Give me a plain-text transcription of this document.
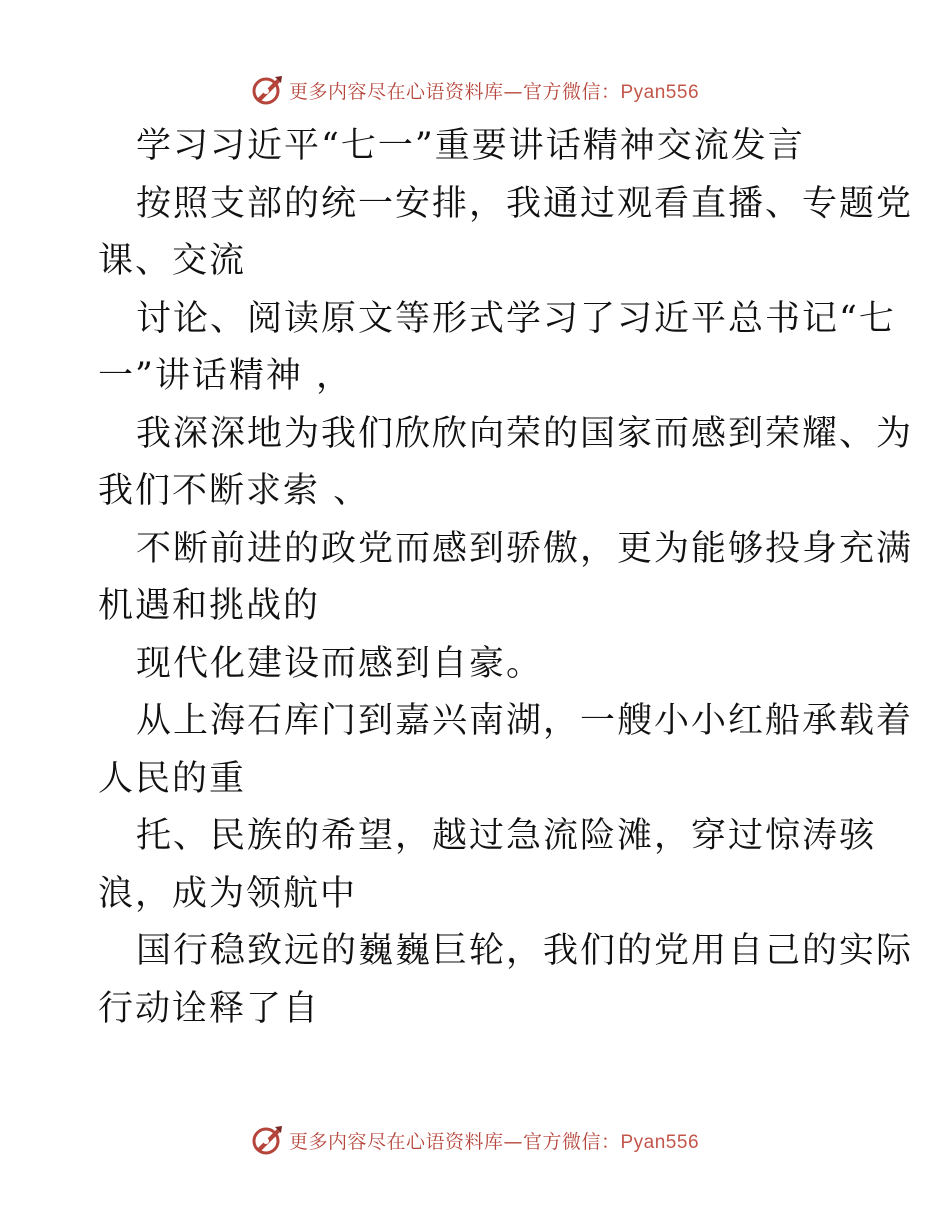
更多内容尽在心语资料库—官方微信：Pyan556
学习习近平“七一”重要讲话精神交流发言
按照支部的统一安排，我通过观看直播、专题党
课、交流
讨论、阅读原文等形式学习了习近平总书记“七
一”讲话精神 ，
我深深地为我们欣欣向荣的国家而感到荣耀、为
我们不断求索 、
不断前进的政党而感到骄傲，更为能够投身充满
机遇和挑战的
现代化建设而感到自豪。
从上海石库门到嘉兴南湖，一艘小小红船承载着
人民的重
托、民族的希望，越过急流险滩，穿过惊涛骇
浪，成为领航中
国行稳致远的巍巍巨轮，我们的党用自己的实际
行动诠释了自
更多内容尽在心语资料库—官方微信：Pyan556
